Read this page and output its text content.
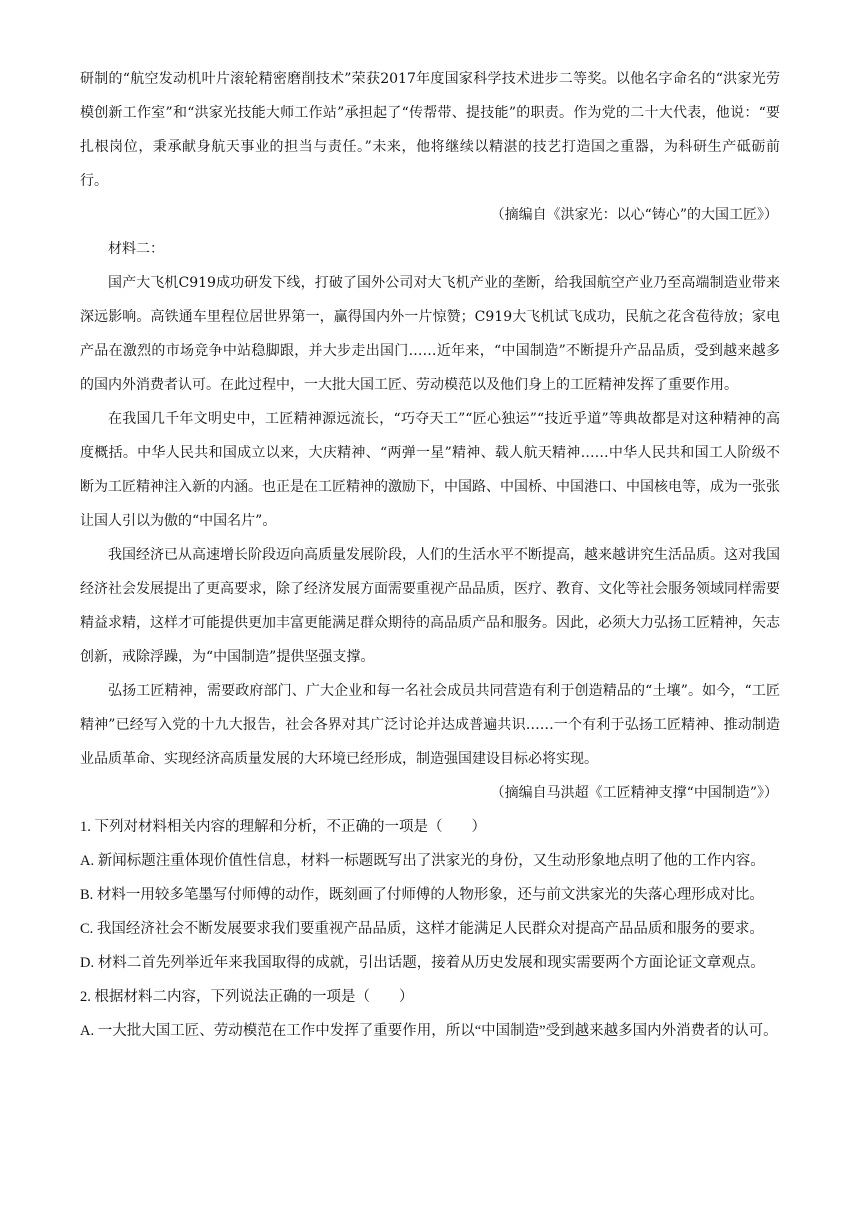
研制的“航空发动机叶片滚轮精密磨削技术”荣获2017年度国家科学技术进步二等奖。以他名字命名的“洪家光劳模创新工作室”和“洪家光技能大师工作站”承担起了“传帮带、提技能”的职责。作为党的二十大代表，他说：“要扎根岗位，秉承献身航天事业的担当与责任。”未来，他将继续以精湛的技艺打造国之重器，为科研生产砥砺前行。

（摘编自《洪家光：以心“铸心”的大国工匠》）

材料二：

国产大飞机C919成功研发下线，打破了国外公司对大飞机产业的垄断，给我国航空产业乃至高端制造业带来深远影响。高铁通车里程位居世界第一，赢得国内外一片惊赞；C919大飞机试飞成功，民航之花含苞待放；家电产品在激烈的市场竞争中站稳脚跟，并大步走出国门……近年来，“中国制造”不断提升产品品质，受到越来越多的国内外消费者认可。在此过程中，一大批大国工匠、劳动模范以及他们身上的工匠精神发挥了重要作用。

在我国几千年文明史中，工匠精神源远流长，“巧夺天工”“匠心独运”“技近乎道”等典故都是对这种精神的高度概括。中华人民共和国成立以来，大庆精神、“两弹一星”精神、载人航天精神……中华人民共和国工人阶级不断为工匠精神注入新的内涵。也正是在工匠精神的激励下，中国路、中国桥、中国港口、中国核电等，成为一张张让国人引以为傲的“中国名片”。

我国经济已从高速增长阶段迈向高质量发展阶段，人们的生活水平不断提高，越来越讲究生活品质。这对我国经济社会发展提出了更高要求，除了经济发展方面需要重视产品品质，医疗、教育、文化等社会服务领域同样需要精益求精，这样才可能提供更加丰富更能满足群众期待的高品质产品和服务。因此，必须大力弘扬工匠精神，矢志创新，戒除浮躁，为“中国制造”提供坚强支撑。

弘扬工匠精神，需要政府部门、广大企业和每一名社会成员共同营造有利于创造精品的“土壤”。如今，“工匠精神”已经写入党的十九大报告，社会各界对其广泛讨论并达成普遍共识……一个有利于弘扬工匠精神、推动制造业品质革命、实现经济高质量发展的大环境已经形成，制造强国建设目标必将实现。

（摘编自马洪超《工匠精神支撑“中国制造”》）

1. 下列对材料相关内容的理解和分析，不正确的一项是（　　）

A. 新闻标题注重体现价值性信息，材料一标题既写出了洪家光的身份，又生动形象地点明了他的工作内容。

B. 材料一用较多笔墨写付师傅的动作，既刻画了付师傅的人物形象，还与前文洪家光的失落心理形成对比。

C. 我国经济社会不断发展要求我们要重视产品品质，这样才能满足人民群众对提高产品品质和服务的要求。

D. 材料二首先列举近年来我国取得的成就，引出话题，接着从历史发展和现实需要两个方面论证文章观点。

2. 根据材料二内容，下列说法正确的一项是（　　）

A. 一大批大国工匠、劳动模范在工作中发挥了重要作用，所以“中国制造”受到越来越多国内外消费者的认可。
